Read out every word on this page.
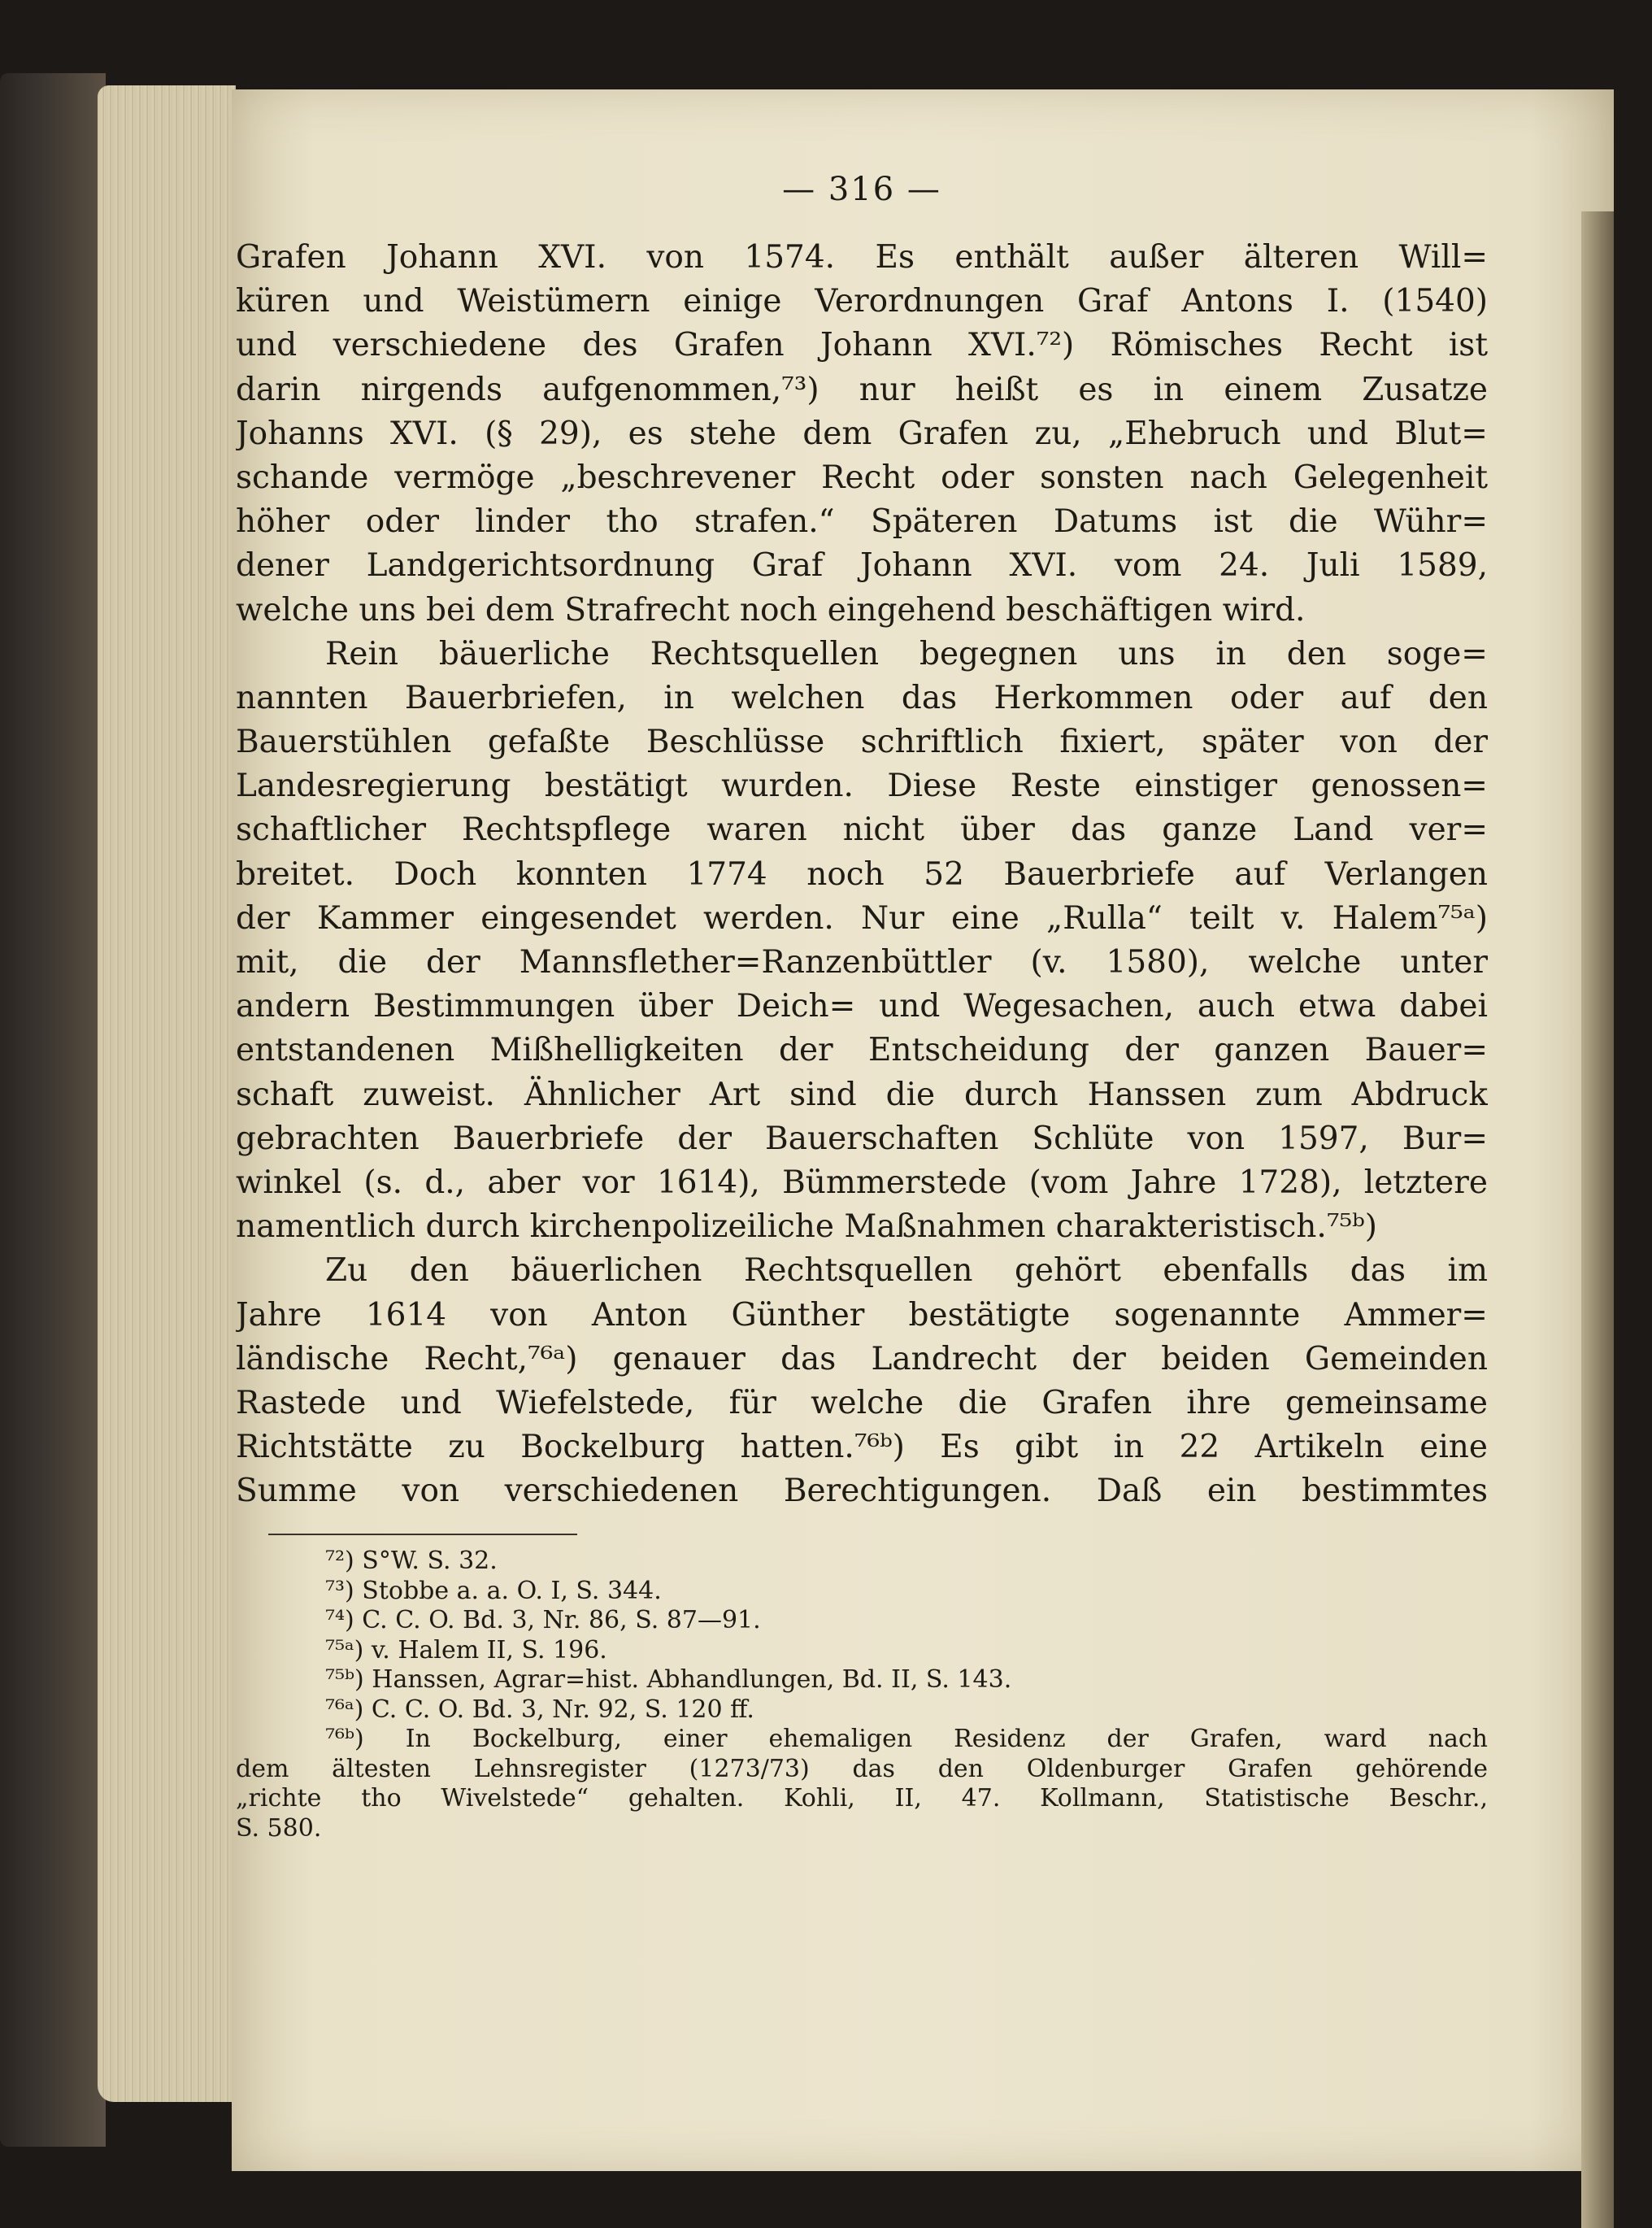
— 316 —
Grafen Johann XVI. von 1574. Es enthält außer älteren Will=
küren und Weistümern einige Verordnungen Graf Antons I. (1540)
und verschiedene des Grafen Johann XVI.⁷²) Römisches Recht ist
darin nirgends aufgenommen,⁷³) nur heißt es in einem Zusatze
Johanns XVI. (§ 29), es stehe dem Grafen zu, „Ehebruch und Blut=
schande vermöge „beschrevener Recht oder sonsten nach Gelegenheit
höher oder linder tho strafen.“ Späteren Datums ist die Wühr=
dener Landgerichtsordnung Graf Johann XVI. vom 24. Juli 1589,
welche uns bei dem Strafrecht noch eingehend beschäftigen wird.
Rein bäuerliche Rechtsquellen begegnen uns in den soge=
nannten Bauerbriefen, in welchen das Herkommen oder auf den
Bauerstühlen gefaßte Beschlüsse schriftlich fixiert, später von der
Landesregierung bestätigt wurden. Diese Reste einstiger genossen=
schaftlicher Rechtspflege waren nicht über das ganze Land ver=
breitet. Doch konnten 1774 noch 52 Bauerbriefe auf Verlangen
der Kammer eingesendet werden. Nur eine „Rulla“ teilt v. Halem⁷⁵ᵃ)
mit, die der Mannsflether=Ranzenbüttler (v. 1580), welche unter
andern Bestimmungen über Deich= und Wegesachen, auch etwa dabei
entstandenen Mißhelligkeiten der Entscheidung der ganzen Bauer=
schaft zuweist. Ähnlicher Art sind die durch Hanssen zum Abdruck
gebrachten Bauerbriefe der Bauerschaften Schlüte von 1597, Bur=
winkel (s. d., aber vor 1614), Bümmerstede (vom Jahre 1728), letztere
namentlich durch kirchenpolizeiliche Maßnahmen charakteristisch.⁷⁵ᵇ)
Zu den bäuerlichen Rechtsquellen gehört ebenfalls das im
Jahre 1614 von Anton Günther bestätigte sogenannte Ammer=
ländische Recht,⁷⁶ᵃ) genauer das Landrecht der beiden Gemeinden
Rastede und Wiefelstede, für welche die Grafen ihre gemeinsame
Richtstätte zu Bockelburg hatten.⁷⁶ᵇ) Es gibt in 22 Artikeln eine
Summe von verschiedenen Berechtigungen. Daß ein bestimmtes
⁷²) S°W. S. 32.
⁷³) Stobbe a. a. O. I, S. 344.
⁷⁴) C. C. O. Bd. 3, Nr. 86, S. 87—91.
⁷⁵ᵃ) v. Halem II, S. 196.
⁷⁵ᵇ) Hanssen, Agrar=hist. Abhandlungen, Bd. II, S. 143.
⁷⁶ᵃ) C. C. O. Bd. 3, Nr. 92, S. 120 ff.
⁷⁶ᵇ) In Bockelburg, einer ehemaligen Residenz der Grafen, ward nach
dem ältesten Lehnsregister (1273/73) das den Oldenburger Grafen gehörende
„richte tho Wivelstede“ gehalten. Kohli, II, 47. Kollmann, Statistische Beschr.,
S. 580.
